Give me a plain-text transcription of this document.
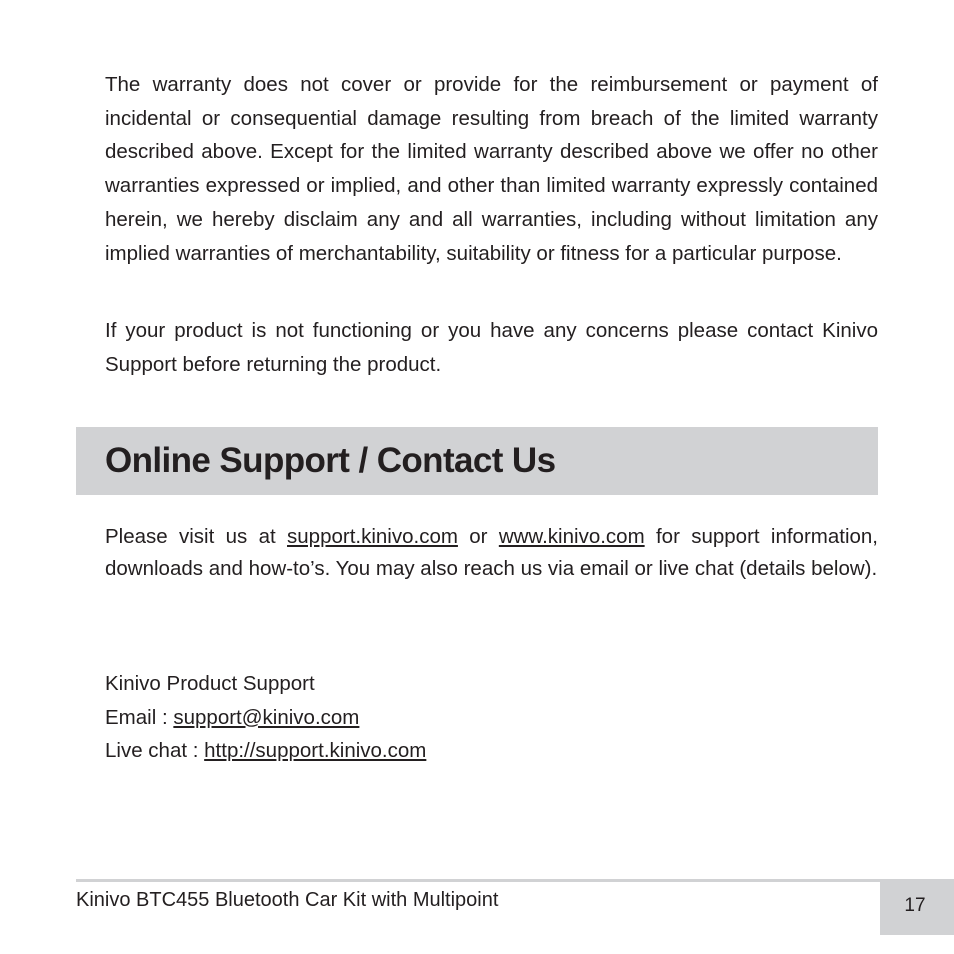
The warranty does not cover or provide for the reimbursement or payment of incidental or consequential damage resulting from breach of the limited warranty described above. Except for the limited warranty described above we offer no other warranties expressed or implied, and other than limited warranty expressly contained herein, we hereby disclaim any and all warranties, including without limitation any implied warranties of merchantability, suitability or fitness for a particular purpose.

If your product is not functioning or you have any concerns please contact Kinivo Support before returning the product.

Online Support / Contact Us

Please visit us at support.kinivo.com or www.kinivo.com for support information, downloads and how-to’s. You may also reach us via email or live chat (details below).

Kinivo Product Support
Email : support@kinivo.com
Live chat : http://support.kinivo.com
Kinivo BTC455 Bluetooth Car Kit with Multipoint	17
